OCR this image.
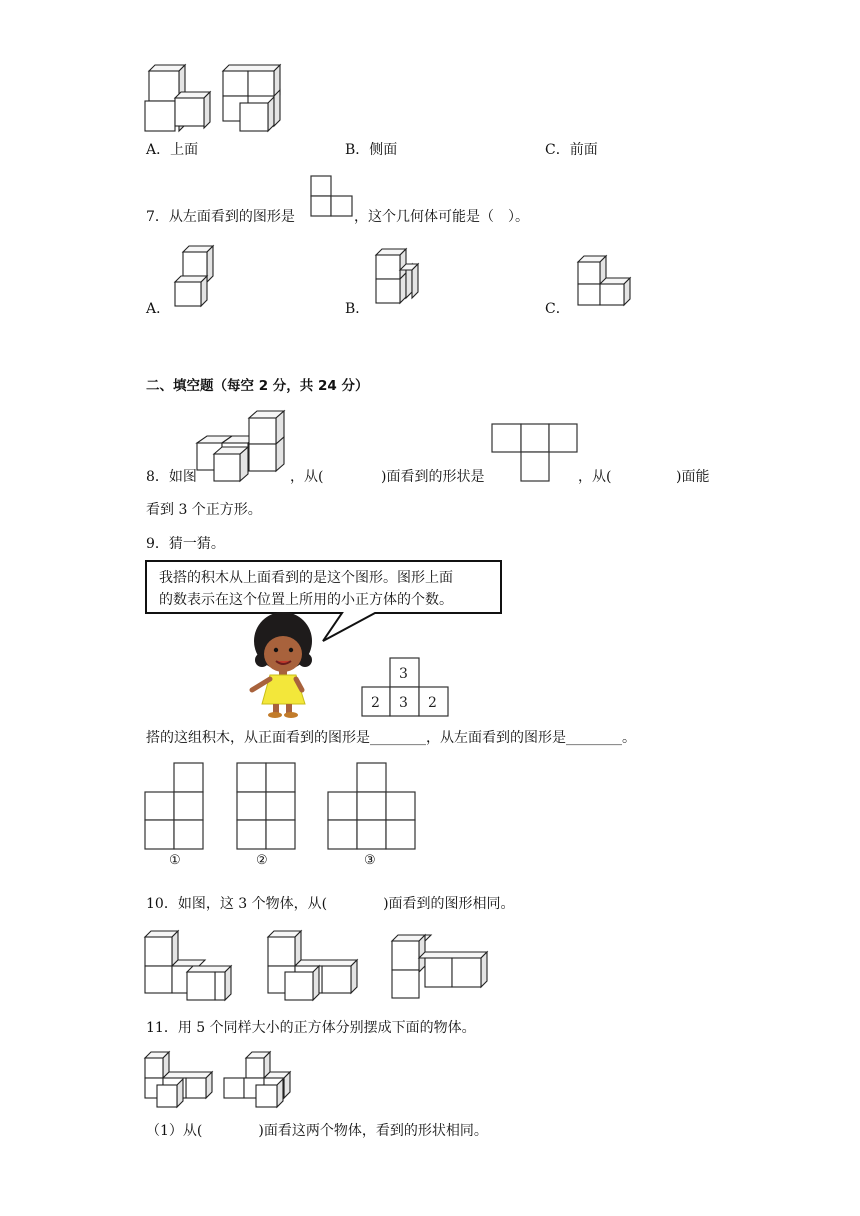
A．上面	B．侧面	C．前面
7．从左面看到的图形是	，这个几何体可能是（　）。
A．	B．	C．
二、填空题（每空 2 分，共 24 分）
8．如图	，从(	)面看到的形状是	，从(	)面能
看到 3 个正方形。
9．猜一猜。
我搭的积木从上面看到的是这个图形。图形上面
的数表示在这个位置上所用的小正方体的个数。
3
2 3 2
搭的这组积木，从正面看到的图形是________，从左面看到的图形是________。
①	②	③
10．如图，这 3 个物体，从(　　　　)面看到的图形相同。
11．用 5 个同样大小的正方体分别摆成下面的物体。
（1）从(　　　　)面看这两个物体，看到的形状相同。
